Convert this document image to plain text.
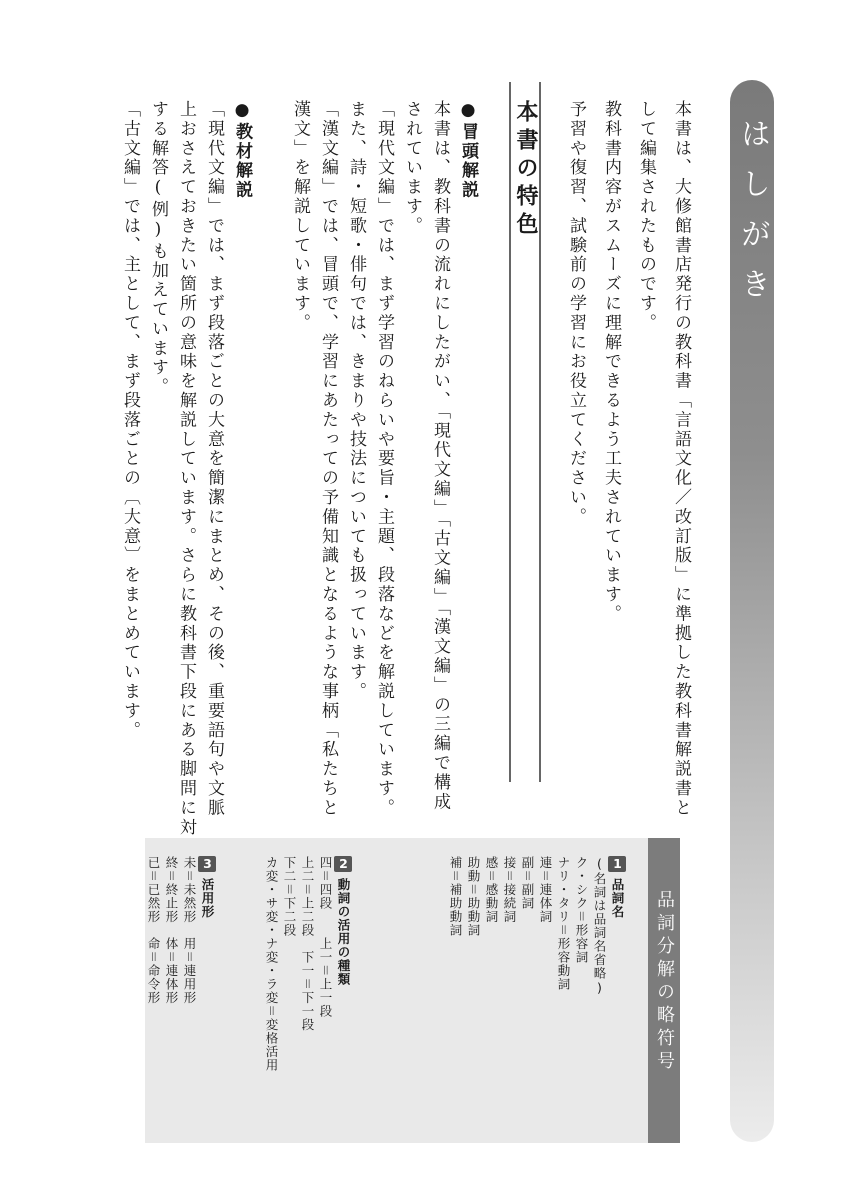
はしがき
本書は、大修館書店発行の教科書「言語文化／改訂版」に準拠した教科書解説書と
して編集されたものです。
教科書内容がスムーズに理解できるよう工夫されています。
予習や復習、試験前の学習にお役立てください。
本書の特色
●冒頭解説
本書は、教科書の流れにしたがい、「現代文編」「古文編」「漢文編」の三編で構成
されています。
「現代文編」では、まず学習のねらいや要旨・主題、段落などを解説しています。
また、詩・短歌・俳句では、きまりや技法についても扱っています。
「漢文編」では、冒頭で、学習にあたっての予備知識となるような事柄「私たちと
漢文」を解説しています。
●教材解説
「現代文編」では、まず段落ごとの大意を簡潔にまとめ、その後、重要語句や文脈
上おさえておきたい箇所の意味を解説しています。さらに教科書下段にある脚問に対
する解答(例)も加えています。
「古文編」では、主として、まず段落ごとの〔大意〕をまとめています。
品詞分解の略符号
1品詞名
(名詞は品詞名省略)
ク・シク＝形容詞
ナリ・タリ＝形容動詞
連＝連体詞
副＝副詞
接＝接続詞
感＝感動詞
助動＝助動詞
補＝補助動詞
2動詞の活用の種類
四＝四段　　上一＝上一段
上二＝上二段　下一＝下一段
下二＝下二段
カ変・サ変・ナ変・ラ変＝変格活用
3活用形
未＝未然形　用＝連用形
終＝終止形　体＝連体形
已＝已然形　命＝命令形
